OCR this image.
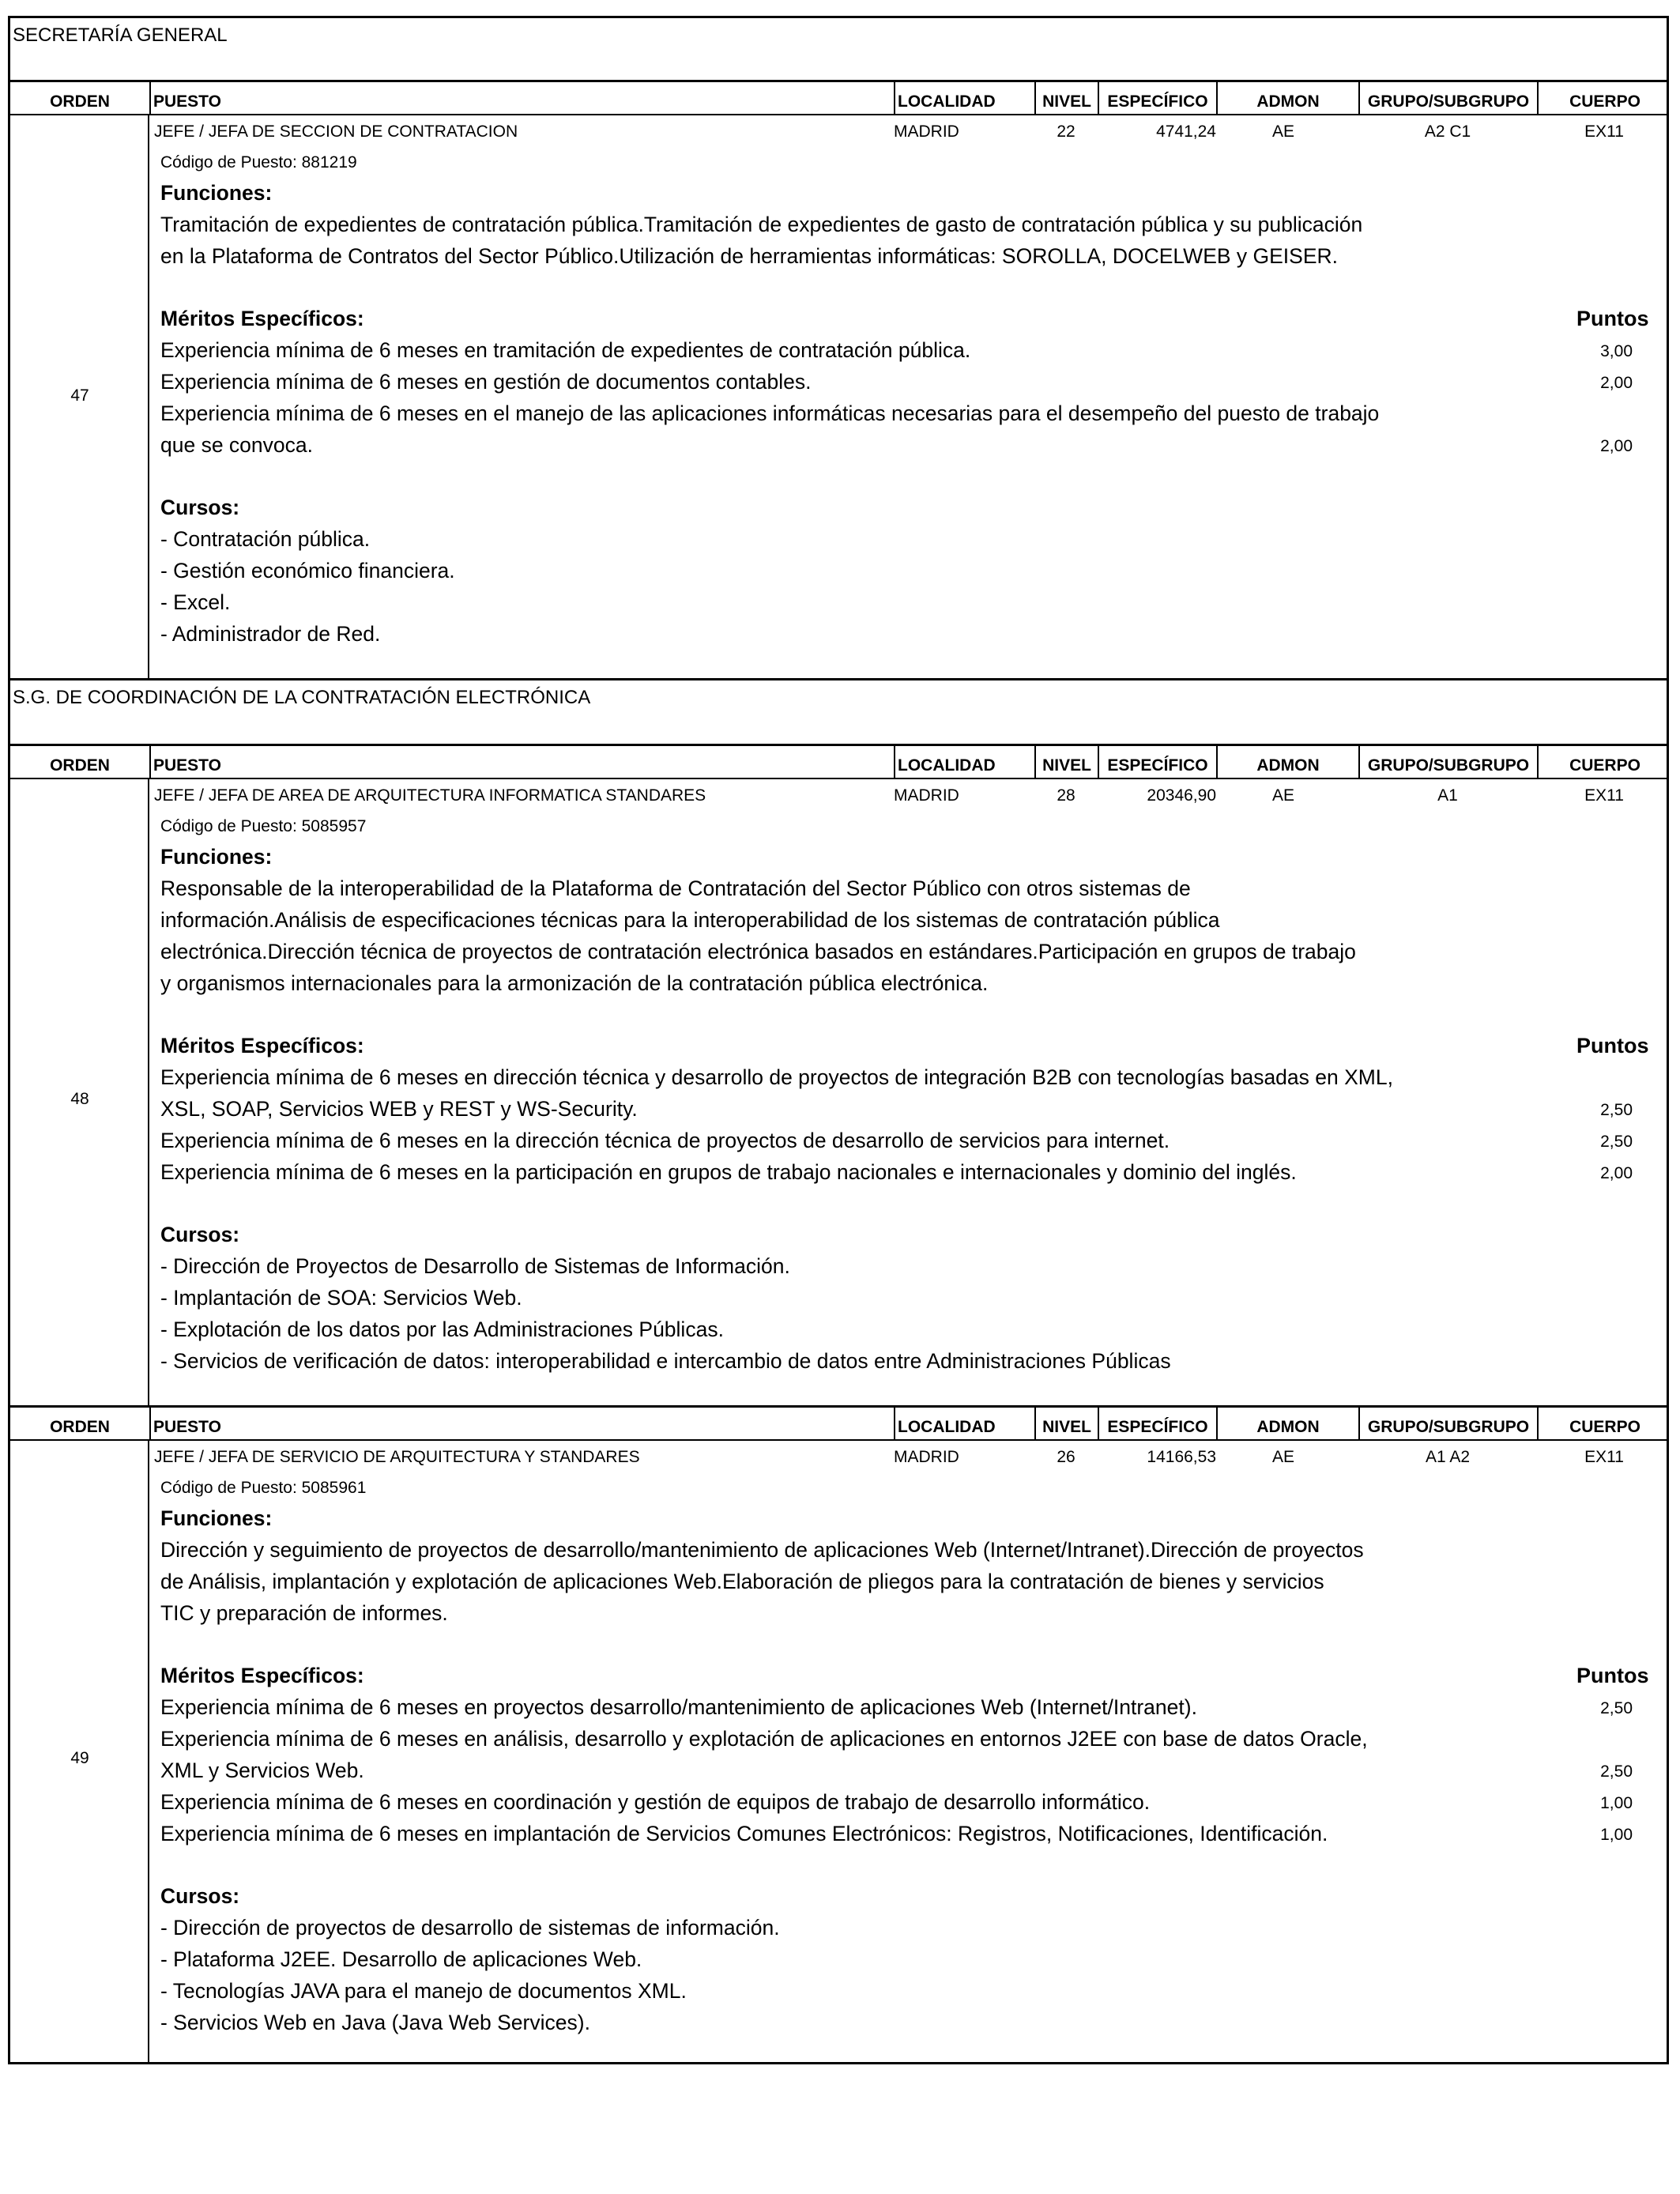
SECRETARÍA GENERAL
ORDEN	PUESTO	LOCALIDAD	NIVEL ESPECÍFICO	ADMON	GRUPO/SUBGRUPO	CUERPO
47
JEFE / JEFA DE SECCION DE CONTRATACION	MADRID	22	4741,24	AE	A2 C1	EX11
Código de Puesto: 881219
Funciones:
Tramitación de expedientes de contratación pública.Tramitación de expedientes de gasto de contratación pública y su publicación
en la Plataforma de Contratos del Sector Público.Utilización de herramientas informáticas: SOROLLA, DOCELWEB y GEISER.
Méritos Específicos:	Puntos
Experiencia mínima de 6 meses en tramitación de expedientes de contratación pública.	3,00
Experiencia mínima de 6 meses en gestión de documentos contables.	2,00
Experiencia mínima de 6 meses en el manejo de las aplicaciones informáticas necesarias para el desempeño del puesto de trabajo
que se convoca.	2,00
Cursos:
- Contratación pública.
- Gestión económico financiera.
- Excel.
- Administrador de Red.
S.G. DE COORDINACIÓN DE LA CONTRATACIÓN ELECTRÓNICA
ORDEN	PUESTO	LOCALIDAD	NIVEL ESPECÍFICO	ADMON	GRUPO/SUBGRUPO	CUERPO
48
JEFE / JEFA DE AREA DE ARQUITECTURA INFORMATICA STANDARES	MADRID	28	20346,90	AE	A1	EX11
Código de Puesto: 5085957
Funciones:
Responsable de la interoperabilidad de la Plataforma de Contratación del Sector Público con otros sistemas de
información.Análisis de especificaciones técnicas para la interoperabilidad de los sistemas de contratación pública
electrónica.Dirección técnica de proyectos de contratación electrónica basados en estándares.Participación en grupos de trabajo
y organismos internacionales para la armonización de la contratación pública electrónica.
Méritos Específicos:	Puntos
Experiencia mínima de 6 meses en dirección técnica y desarrollo de proyectos de integración B2B con tecnologías basadas en XML,
XSL, SOAP, Servicios WEB y REST y WS-Security.	2,50
Experiencia mínima de 6 meses en la dirección técnica de proyectos de desarrollo de servicios para internet.	2,50
Experiencia mínima de 6 meses en la participación en grupos de trabajo nacionales e internacionales y dominio del inglés.	2,00
Cursos:
- Dirección de Proyectos de Desarrollo de Sistemas de Información.
- Implantación de SOA: Servicios Web.
- Explotación de los datos por las Administraciones Públicas.
- Servicios de verificación de datos: interoperabilidad e intercambio de datos entre Administraciones Públicas
ORDEN	PUESTO	LOCALIDAD	NIVEL ESPECÍFICO	ADMON	GRUPO/SUBGRUPO	CUERPO
49
JEFE / JEFA DE SERVICIO DE ARQUITECTURA Y STANDARES	MADRID	26	14166,53	AE	A1 A2	EX11
Código de Puesto: 5085961
Funciones:
Dirección y seguimiento de proyectos de desarrollo/mantenimiento de aplicaciones Web (Internet/Intranet).Dirección de proyectos
de Análisis, implantación y explotación de aplicaciones Web.Elaboración de pliegos para la contratación de bienes y servicios
TIC y preparación de informes.
Méritos Específicos:	Puntos
Experiencia mínima de 6 meses en proyectos desarrollo/mantenimiento de aplicaciones Web (Internet/Intranet).	2,50
Experiencia mínima de 6 meses en análisis, desarrollo y explotación de aplicaciones en entornos J2EE con base de datos Oracle,
XML y Servicios Web.	2,50
Experiencia mínima de 6 meses en coordinación y gestión de equipos de trabajo de desarrollo informático.	1,00
Experiencia mínima de 6 meses en implantación de Servicios Comunes Electrónicos: Registros, Notificaciones, Identificación.	1,00
Cursos:
- Dirección de proyectos de desarrollo de sistemas de información.
- Plataforma J2EE. Desarrollo de aplicaciones Web.
- Tecnologías JAVA para el manejo de documentos XML.
- Servicios Web en Java (Java Web Services).
